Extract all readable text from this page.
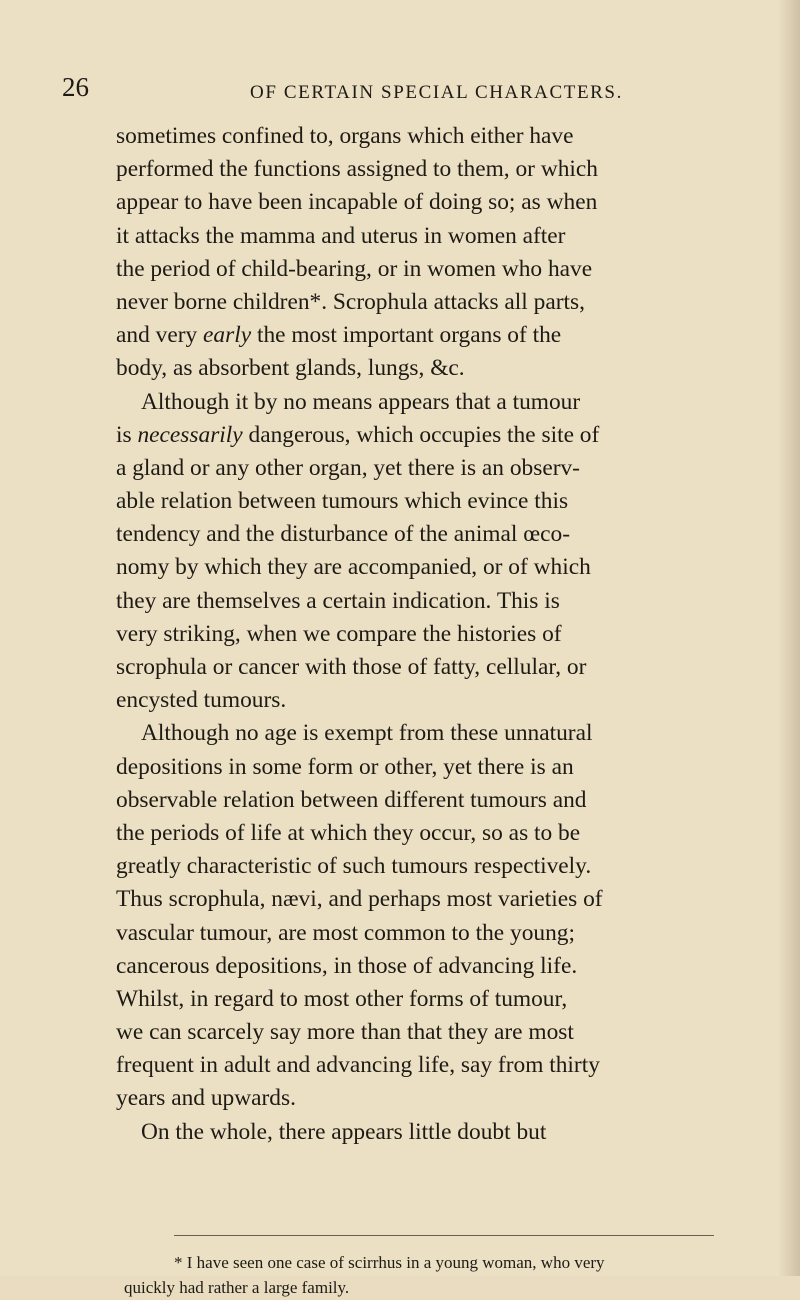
26	OF CERTAIN SPECIAL CHARACTERS.
sometimes confined to, organs which either have
performed the functions assigned to them, or which
appear to have been incapable of doing so; as when
it attacks the mamma and uterus in women after
the period of child-bearing, or in women who have
never borne children*. Scrophula attacks all parts,
and very early the most important organs of the
body, as absorbent glands, lungs, &c.
Although it by no means appears that a tumour
is necessarily dangerous, which occupies the site of
a gland or any other organ, yet there is an observ-
able relation between tumours which evince this
tendency and the disturbance of the animal œco-
nomy by which they are accompanied, or of which
they are themselves a certain indication. This is
very striking, when we compare the histories of
scrophula or cancer with those of fatty, cellular, or
encysted tumours.
Although no age is exempt from these unnatural
depositions in some form or other, yet there is an
observable relation between different tumours and
the periods of life at which they occur, so as to be
greatly characteristic of such tumours respectively.
Thus scrophula, nævi, and perhaps most varieties of
vascular tumour, are most common to the young;
cancerous depositions, in those of advancing life.
Whilst, in regard to most other forms of tumour,
we can scarcely say more than that they are most
frequent in adult and advancing life, say from thirty
years and upwards.
On the whole, there appears little doubt but
* I have seen one case of scirrhus in a young woman, who very
quickly had rather a large family.
